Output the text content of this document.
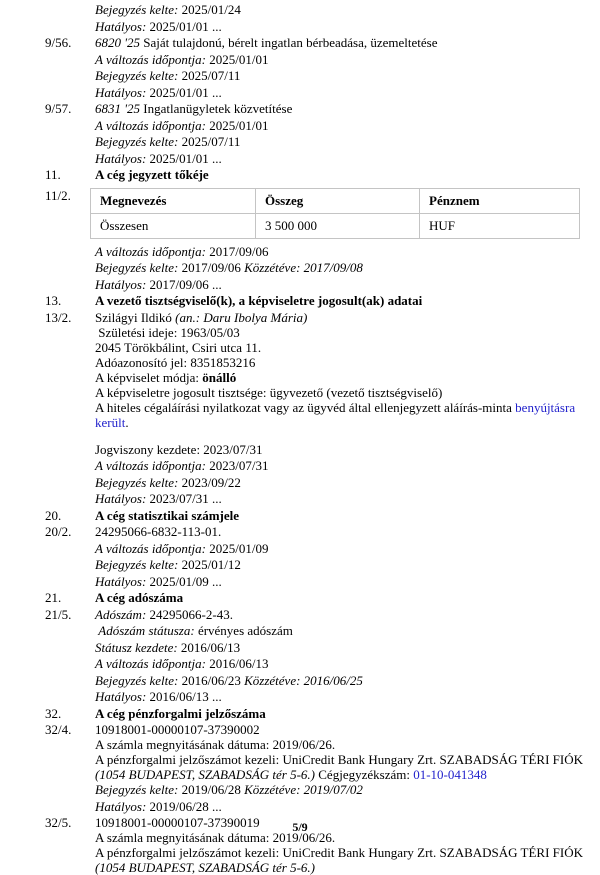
Bejegyzés kelte: 2025/01/24
Hatályos: 2025/01/01 ...
9/56. 6820 '25 Saját tulajdonú, bérelt ingatlan bérbeadása, üzemeltetése
A változás időpontja: 2025/01/01
Bejegyzés kelte: 2025/07/11
Hatályos: 2025/01/01 ...
9/57. 6831 '25 Ingatlanügyletek közvetítése
A változás időpontja: 2025/01/01
Bejegyzés kelte: 2025/07/11
Hatályos: 2025/01/01 ...
11.	A cég jegyzett tőkéje
11/2. Megnevezés	Összeg	Pénznem
Összesen	3 500 000	HUF
A változás időpontja: 2017/09/06
Bejegyzés kelte: 2017/09/06 Közzétéve: 2017/09/08
Hatályos: 2017/09/06 ...
13.	A vezető tisztségviselő(k), a képviseletre jogosult(ak) adatai
13/2. Szilágyi Ildikó (an.: Daru Ibolya Mária)
Születési ideje: 1963/05/03
2045 Törökbálint, Csiri utca 11.
Adóazonosító jel: 8351853216
A képviselet módja: önálló
A képviseletre jogosult tisztsége: ügyvezető (vezető tisztségviselő)
A hiteles cégaláírási nyilatkozat vagy az ügyvéd által ellenjegyzett aláírás-minta benyújtásra került.
Jogviszony kezdete: 2023/07/31
A változás időpontja: 2023/07/31
Bejegyzés kelte: 2023/09/22
Hatályos: 2023/07/31 ...
20.	A cég statisztikai számjele
20/2. 24295066-6832-113-01.
A változás időpontja: 2025/01/09
Bejegyzés kelte: 2025/01/12
Hatályos: 2025/01/09 ...
21.	A cég adószáma
21/5. Adószám: 24295066-2-43.
Adószám státusza: érvényes adószám
Státusz kezdete: 2016/06/13
A változás időpontja: 2016/06/13
Bejegyzés kelte: 2016/06/23 Közzétéve: 2016/06/25
Hatályos: 2016/06/13 ...
32.	A cég pénzforgalmi jelzőszáma
32/4. 10918001-00000107-37390002
A számla megnyitásának dátuma: 2019/06/26.
A pénzforgalmi jelzőszámot kezeli: UniCredit Bank Hungary Zrt. SZABADSÁG TÉRI FIÓK (1054 BUDAPEST, SZABADSÁG tér 5-6.) Cégjegyzékszám: 01-10-041348
Bejegyzés kelte: 2019/06/28 Közzétéve: 2019/07/02
Hatályos: 2019/06/28 ...
32/5. 10918001-00000107-37390019
A számla megnyitásának dátuma: 2019/06/26.
A pénzforgalmi jelzőszámot kezeli: UniCredit Bank Hungary Zrt. SZABADSÁG TÉRI FIÓK (1054 BUDAPEST, SZABADSÁG tér 5-6.)
5/9
